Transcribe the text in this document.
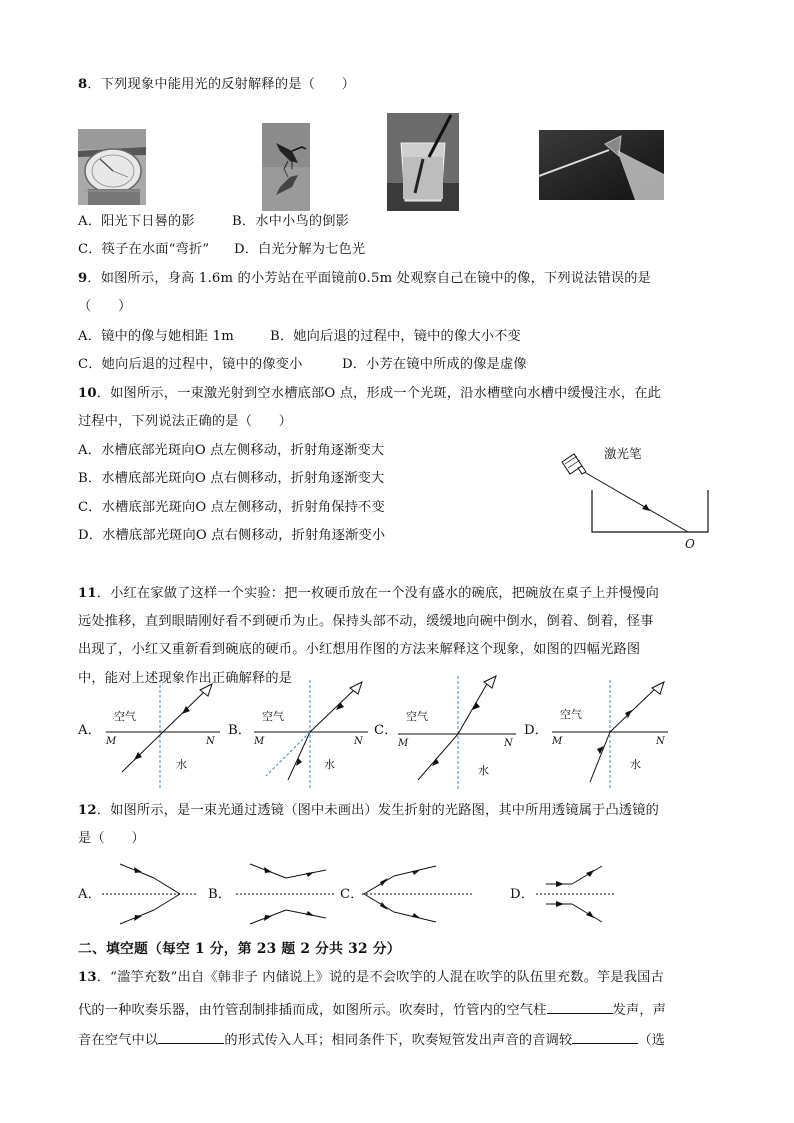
8．下列现象中能用光的反射解释的是（　　）
A．阳光下日晷的影	B．水中小鸟的倒影
C．筷子在水面“弯折” D．白光分解为七色光
9．如图所示，身高 1.6m 的小芳站在平面镜前0.5m 处观察自己在镜中的像，下列说法错误的是
（　　）
A．镜中的像与她相距 1m	B．她向后退的过程中，镜中的像大小不变
C．她向后退的过程中，镜中的像变小	D．小芳在镜中所成的像是虚像
10．如图所示，一束激光射到空水槽底部O 点，形成一个光斑，沿水槽壁向水槽中缓慢注水，在此
过程中，下列说法正确的是（　　）
A．水槽底部光斑向O 点左侧移动，折射角逐渐变大
B．水槽底部光斑向O 点右侧移动，折射角逐渐变大
C．水槽底部光斑向O 点左侧移动，折射角保持不变
D．水槽底部光斑向O 点右侧移动，折射角逐渐变小
激光笔
O
11．小红在家做了这样一个实验：把一枚硬币放在一个没有盛水的碗底，把碗放在桌子上并慢慢向
远处推移，直到眼睛刚好看不到硬币为止。保持头部不动，缓缓地向碗中倒水，倒着、倒着，怪事
出现了，小红又重新看到碗底的硬币。小红想用作图的方法来解释这个现象，如图的四幅光路图
中，能对上述现象作出正确解释的是
A．
空气
M	N
水
B．
空气
M	N
水
C．
空气
M	N
水
D．
空气
M	N
水
12．如图所示，是一束光通过透镜（图中未画出）发生折射的光路图，其中所用透镜属于凸透镜的
是（　　）
A．	B．	C．	D．
二、填空题（每空 1 分，第 23 题 2 分共 32 分）
13．“滥竽充数”出自《韩非子 内储说上》说的是不会吹竽的人混在吹竽的队伍里充数。竽是我国古
代的一种吹奏乐器，由竹管刮制排插而成，如图所示。吹奏时，竹管内的空气柱	发声，声
音在空气中以	的形式传入人耳；相同条件下，吹奏短管发出声音的音调较	（选
